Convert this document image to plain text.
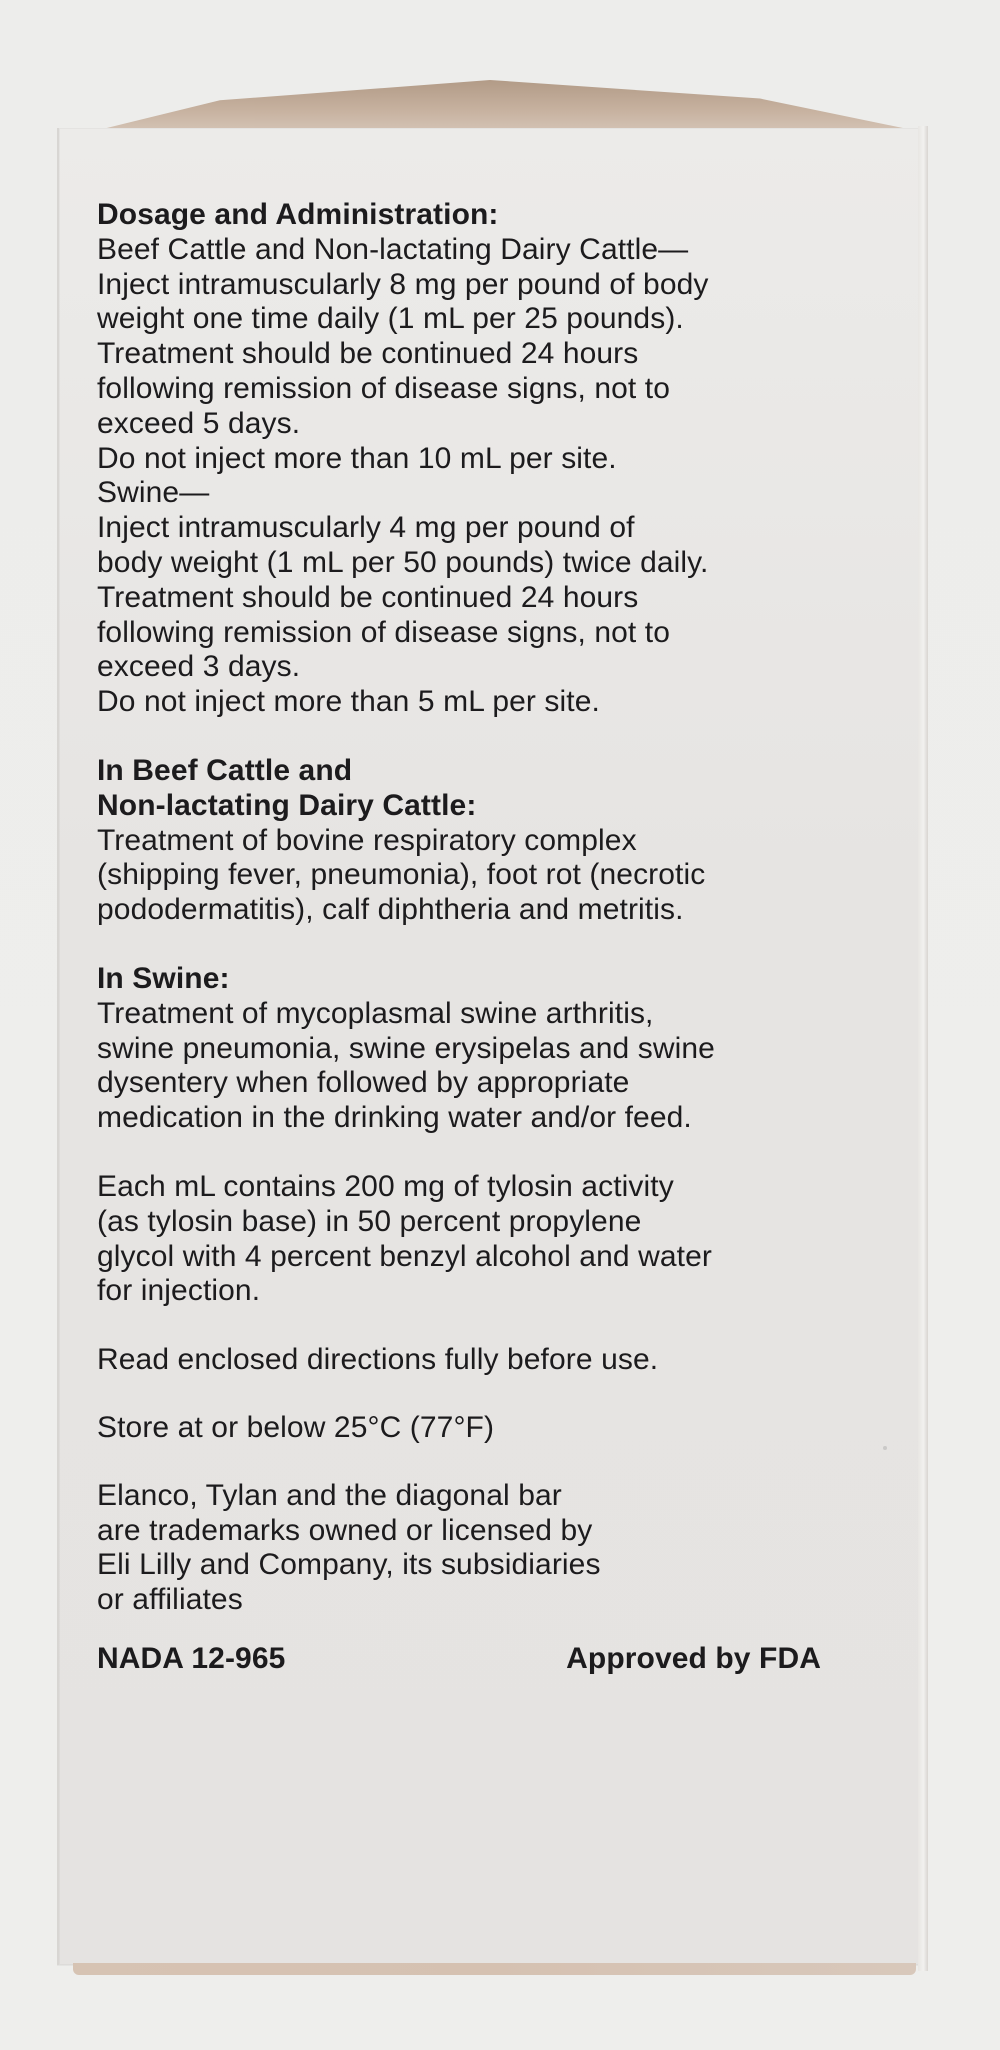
Dosage and Administration:
Beef Cattle and Non-lactating Dairy Cattle—
Inject intramuscularly 8 mg per pound of body
weight one time daily (1 mL per 25 pounds).
Treatment should be continued 24 hours
following remission of disease signs, not to
exceed 5 days.
Do not inject more than 10 mL per site.
Swine—
Inject intramuscularly 4 mg per pound of
body weight (1 mL per 50 pounds) twice daily.
Treatment should be continued 24 hours
following remission of disease signs, not to
exceed 3 days.
Do not inject more than 5 mL per site.
In Beef Cattle and
Non-lactating Dairy Cattle:
Treatment of bovine respiratory complex
(shipping fever, pneumonia), foot rot (necrotic
pododermatitis), calf diphtheria and metritis.
In Swine:
Treatment of mycoplasmal swine arthritis,
swine pneumonia, swine erysipelas and swine
dysentery when followed by appropriate
medication in the drinking water and/or feed.
Each mL contains 200 mg of tylosin activity
(as tylosin base) in 50 percent propylene
glycol with 4 percent benzyl alcohol and water
for injection.
Read enclosed directions fully before use.
Store at or below 25°C (77°F)
Elanco, Tylan and the diagonal bar
are trademarks owned or licensed by
Eli Lilly and Company, its subsidiaries
or affiliates
NADA 12-965	Approved by FDA
